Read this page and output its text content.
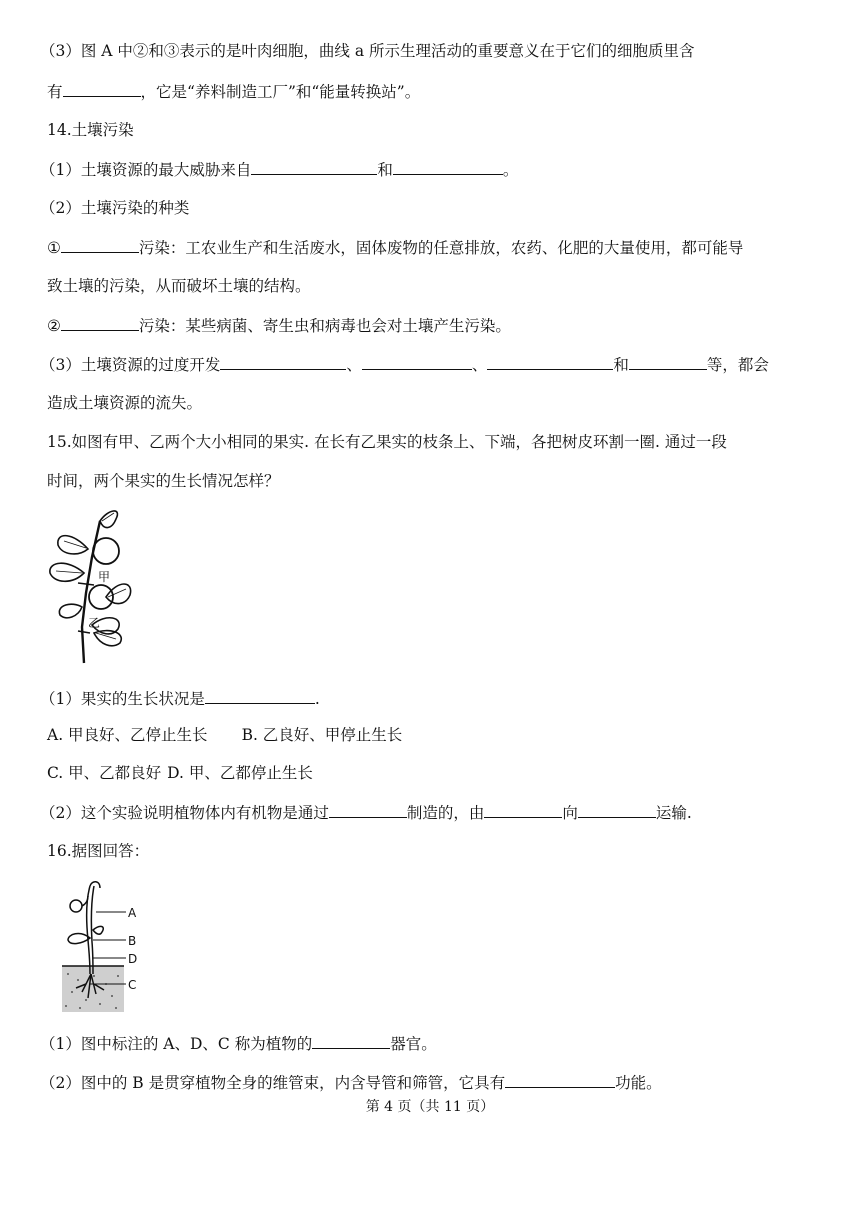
（3）图 A 中②和③表示的是叶肉细胞，曲线 a 所示生理活动的重要意义在于它们的细胞质里含
有	，它是“养料制造工厂”和“能量转换站”。
14.土壤污染
（1）土壤资源的最大威胁来自	和	。
（2）土壤污染的种类
①	污染：工农业生产和生活废水，固体废物的任意排放，农药、化肥的大量使用，都可能导
致土壤的污染，从而破坏土壤的结构。
②	污染：某些病菌、寄生虫和病毒也会对土壤产生污染。
（3）土壤资源的过度开发	、	、	和	等，都会
造成土壤资源的流失。
15.如图有甲、乙两个大小相同的果实. 在长有乙果实的枝条上、下端，各把树皮环割一圈. 通过一段
时间，两个果实的生长情况怎样？
甲
乙
（1）果实的生长状况是	.
A. 甲良好、乙停止生长 B. 乙良好、甲停止生长
C. 甲、乙都良好 D. 甲、乙都停止生长
（2）这个实验说明植物体内有机物是通过	制造的，由	向	运输.
16.据图回答：
A
B
D
C
（1）图中标注的 A、D、C 称为植物的	器官。
（2）图中的 B 是贯穿植物全身的维管束，内含导管和筛管，它具有	功能。
第 4 页（共 11 页）
